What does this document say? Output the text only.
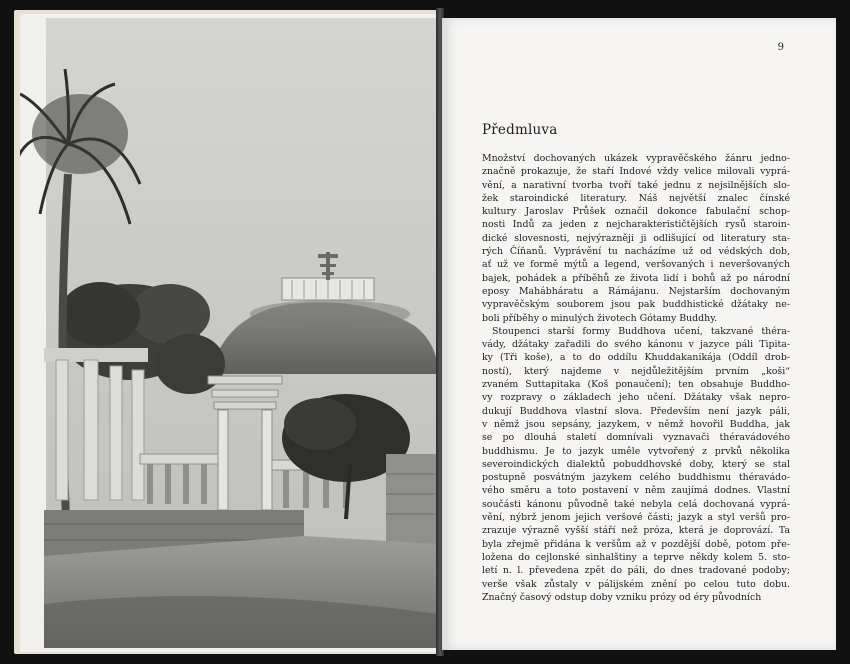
9
Předmluva
Množství dochovaných ukázek vypravěčského žánru jedno-
značně prokazuje, že staří Indové vždy velice milovali vyprá-
vění, a narativní tvorba tvoří také jednu z nejsilnějších slo-
žek staroindické literatury. Náš největší znalec čínské
kultury Jaroslav Průšek označil dokonce fabulační schop-
nosti Indů za jeden z nejcharakterističtějších rysů staroin-
dické slovesnosti, nejvýrazněji ji odlišující od literatury sta-
rých Číňanů. Vyprávění tu nacházíme už od védských dob,
ať už ve formě mýtů a legend, veršovaných i neveršovaných
bajek, pohádek a příběhů ze života lidí i bohů až po národní
eposy Mahábháratu a Rámájanu. Nejstarším dochovaným
vypravěčským souborem jsou pak buddhistické džátaky ne-
boli příběhy o minulých životech Gótamy Buddhy.
Stoupenci starší formy Buddhova učení, takzvané théra-
vády, džátaky zařadili do svého kánonu v jazyce páli Tipita-
ky (Tři koše), a to do oddílu Khuddakanikája (Oddíl drob-
ností), který najdeme v nejdůležitějším prvním „koši“
zvaném Suttapitaka (Koš ponaučení); ten obsahuje Buddho-
vy rozpravy o základech jeho učení. Džátaky však nepro-
dukují Buddhova vlastní slova. Především není jazyk páli,
v němž jsou sepsány, jazykem, v němž hovořil Buddha, jak
se po dlouhá staletí domnívali vyznavači théravádového
buddhismu. Je to jazyk uměle vytvořený z prvků několika
severoindických dialektů pobuddhovské doby, který se stal
postupně posvátným jazykem celého buddhismu théravádo-
vého směru a toto postavení v něm zaujímá dodnes. Vlastní
součásti kánonu původně také nebyla celá dochovaná vyprá-
vění, nýbrž jenom jejich veršové části; jazyk a styl veršů pro-
zrazuje výrazně vyšší stáří než próza, která je doprovází. Ta
byla zřejmě přidána k veršům až v pozdější době, potom pře-
ložena do cejlonské sinhalštiny a teprve někdy kolem 5. sto-
letí n. l. převedena zpět do páli, do dnes tradované podoby;
verše však zůstaly v pálijském znění po celou tuto dobu.
Značný časový odstup doby vzniku prózy od éry původních
